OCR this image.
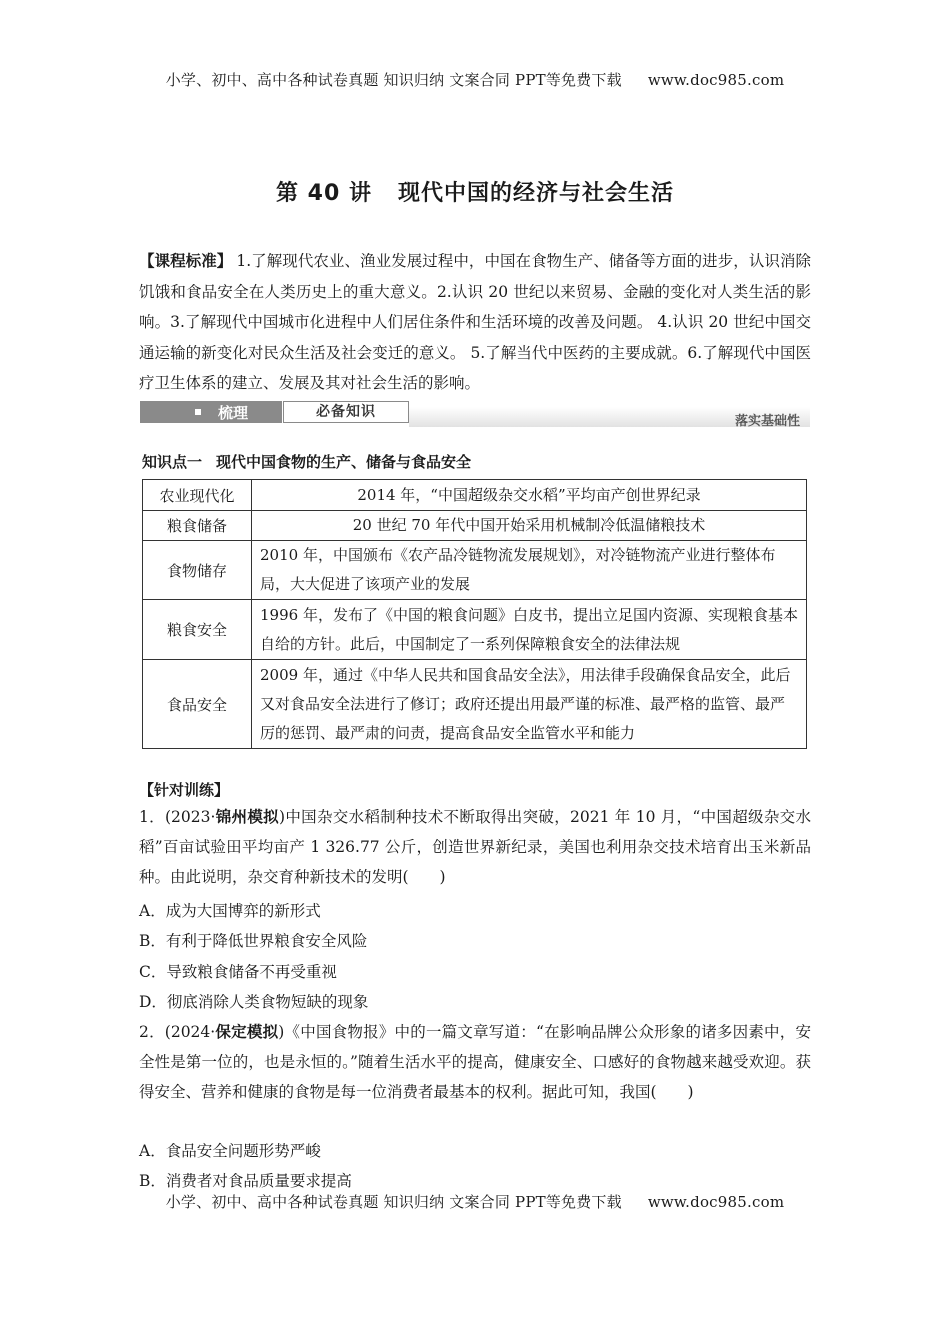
小学、初中、高中各种试卷真题 知识归纳 文案合同 PPT等免费下载 www.doc985.com
第 40 讲 现代中国的经济与社会生活
【课程标准】 1.了解现代农业、渔业发展过程中，中国在食物生产、储备等方面的进步，认识消除饥饿和食品安全在人类历史上的重大意义。2.认识 20 世纪以来贸易、金融的变化对人类生活的影响。3.了解现代中国城市化进程中人们居住条件和生活环境的改善及问题。 4.认识 20 世纪中国交通运输的新变化对民众生活及社会变迁的意义。 5.了解当代中医药的主要成就。6.了解现代中国医疗卫生体系的建立、发展及其对社会生活的影响。
梳理	必备知识
落实基础性
知识点一 现代中国食物的生产、储备与食品安全
农业现代化	2014 年，“中国超级杂交水稻”平均亩产创世界纪录
粮食储备	20 世纪 70 年代中国开始采用机械制冷低温储粮技术
食物储存	2010 年，中国颁布《农产品冷链物流发展规划》，对冷链物流产业进行整体布局，大大促进了该项产业的发展
粮食安全	1996 年，发布了《中国的粮食问题》白皮书，提出立足国内资源、实现粮食基本自给的方针。此后，中国制定了一系列保障粮食安全的法律法规
食品安全	2009 年，通过《中华人民共和国食品安全法》，用法律手段确保食品安全，此后又对食品安全法进行了修订；政府还提出用最严谨的标准、最严格的监管、最严厉的惩罚、最严肃的问责，提高食品安全监管水平和能力
【针对训练】
1．(2023·锦州模拟)中国杂交水稻制种技术不断取得出突破，2021 年 10 月，“中国超级杂交水稻”百亩试验田平均亩产 1 326.77 公斤，创造世界新纪录，美国也利用杂交技术培育出玉米新品种。由此说明，杂交育种新技术的发明(　　)
A．成为大国博弈的新形式
B．有利于降低世界粮食安全风险
C．导致粮食储备不再受重视
D．彻底消除人类食物短缺的现象
2．(2024·保定模拟)《中国食物报》中的一篇文章写道：“在影响品牌公众形象的诸多因素中，安全性是第一位的，也是永恒的。”随着生活水平的提高，健康安全、口感好的食物越来越受欢迎。获得安全、营养和健康的食物是每一位消费者最基本的权利。据此可知，我国(　　)
A．食品安全问题形势严峻
B．消费者对食品质量要求提高
小学、初中、高中各种试卷真题 知识归纳 文案合同 PPT等免费下载 www.doc985.com
